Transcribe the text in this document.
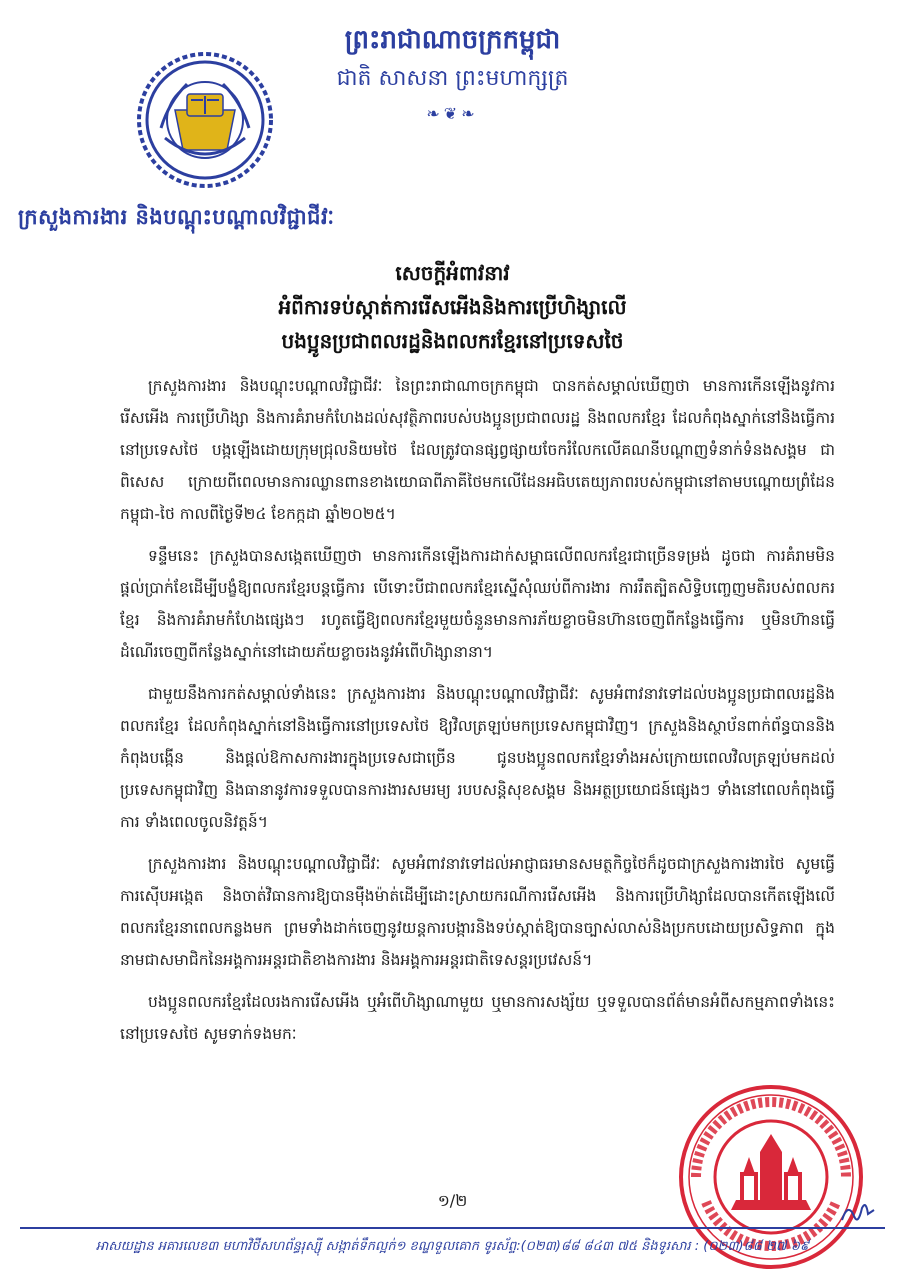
ព្រះរាជាណាចក្រកម្ពុជា
ជាតិ សាសនា ព្រះមហាក្សត្រ
❧❦❧
ក្រសួងការងារ និងបណ្តុះបណ្តាលវិជ្ជាជីវៈ
សេចក្តីអំពាវនាវ
អំពីការទប់ស្កាត់ការរើសអើងនិងការប្រើហិង្សាលើ
បងប្អូនប្រជាពលរដ្ឋនិងពលករខ្មែរនៅប្រទេសថៃ

ក្រសួងការងារ និងបណ្តុះបណ្តាលវិជ្ជាជីវៈ នៃព្រះរាជាណាចក្រកម្ពុជា បានកត់សម្គាល់ឃើញថា មានការកើនឡើងនូវការរើសអើង ការប្រើហិង្សា និងការគំរាមកំហែងដល់សុវត្ថិភាពរបស់បងប្អូនប្រជាពលរដ្ឋ និងពលករខ្មែរ ដែលកំពុងស្នាក់នៅនិងធ្វើការនៅប្រទេសថៃ បង្កឡើងដោយក្រុមជ្រុលនិយមថៃ ដែលត្រូវបានផ្សព្វផ្សាយចែករំលែកលើគណនីបណ្តាញទំនាក់ទំនងសង្គម ជាពិសេស ក្រោយពីពេលមានការឈ្លានពានខាងយោធាពីភាគីថៃមកលើដែនអធិបតេយ្យភាពរបស់កម្ពុជានៅតាមបណ្តោយព្រំដែនកម្ពុជា-ថៃ កាលពីថ្ងៃទី២៤ ខែកក្កដា ឆ្នាំ២០២៥។

ទន្ទឹមនេះ ក្រសួងបានសង្កេតឃើញថា មានការកើនឡើងការដាក់សម្ពាធលើពលករខ្មែរជាច្រើនទម្រង់ ដូចជា ការគំរាមមិនផ្តល់ប្រាក់ខែដើម្បីបង្ខំឱ្យពលករខ្មែរបន្តធ្វើការ បើទោះបីជាពលករខ្មែរស្នើសុំឈប់ពីការងារ ការរឹតត្បិតសិទ្ធិបញ្ចេញមតិរបស់ពលករខ្មែរ និងការគំរាមកំហែងផ្សេងៗ រហូតធ្វើឱ្យពលករខ្មែរមួយចំនួនមានការភ័យខ្លាចមិនហ៊ានចេញពីកន្លែងធ្វើការ ឬមិនហ៊ានធ្វើដំណើរចេញពីកន្លែងស្នាក់នៅដោយភ័យខ្លាចរងនូវអំពើហិង្សានានា។

ជាមួយនឹងការកត់សម្គាល់ទាំងនេះ ក្រសួងការងារ និងបណ្តុះបណ្តាលវិជ្ជាជីវៈ សូមអំពាវនាវទៅដល់បងប្អូនប្រជាពលរដ្ឋនិងពលករខ្មែរ ដែលកំពុងស្នាក់នៅនិងធ្វើការនៅប្រទេសថៃ ឱ្យវិលត្រឡប់មកប្រទេសកម្ពុជាវិញ។ ក្រសួងនិងស្ថាប័នពាក់ព័ន្ធបាននិងកំពុងបង្កើន និងផ្តល់ឱកាសការងារក្នុងប្រទេសជាច្រើន ជូនបងប្អូនពលករខ្មែរទាំងអស់ក្រោយពេលវិលត្រឡប់មកដល់ប្រទេសកម្ពុជាវិញ និងធានានូវការទទួលបានការងារសមរម្យ របបសន្តិសុខសង្គម និងអត្ថប្រយោជន៍ផ្សេងៗ ទាំងនៅពេលកំពុងធ្វើការ ទាំងពេលចូលនិវត្តន៍។

ក្រសួងការងារ និងបណ្តុះបណ្តាលវិជ្ជាជីវៈ សូមអំពាវនាវទៅដល់អាជ្ញាធរមានសមត្ថកិច្ចថៃក៏ដូចជាក្រសួងការងារថៃ សូមធ្វើការស៊ើបអង្កេត និងចាត់វិធានការឱ្យបានម៉ឺងម៉ាត់ដើម្បីដោះស្រាយករណីការរើសអើង និងការប្រើហិង្សាដែលបានកើតឡើងលើពលករខ្មែរនាពេលកន្លងមក ព្រមទាំងដាក់ចេញនូវយន្តការបង្ការនិងទប់ស្កាត់ឱ្យបានច្បាស់លាស់និងប្រកបដោយប្រសិទ្ធភាព ក្នុងនាមជាសមាជិកនៃអង្គការអន្តរជាតិខាងការងារ និងអង្គការអន្តរជាតិទេសន្តរប្រវេសន៍។

បងប្អូនពលករខ្មែរដែលរងការរើសអើង ឬអំពើហិង្សាណាមួយ ឬមានការសង្ស័យ ឬទទួលបានព័ត៌មានអំពីសកម្មភាពទាំងនេះនៅប្រទេសថៃ សូមទាក់ទងមកៈ

១/២
អាសយដ្ឋាន អគារលេខ៣ មហាវិថីសហព័ន្ធរុស្ស៊ី សង្កាត់ទឹកល្អក់១ ខណ្ឌទួលគោក ទូរស័ព្ទ:(០២៣)៨៨ ៨៤៣ ៧៥ និងទូរសារ : (០២៣)៨៨ ២៧ ៦៩
